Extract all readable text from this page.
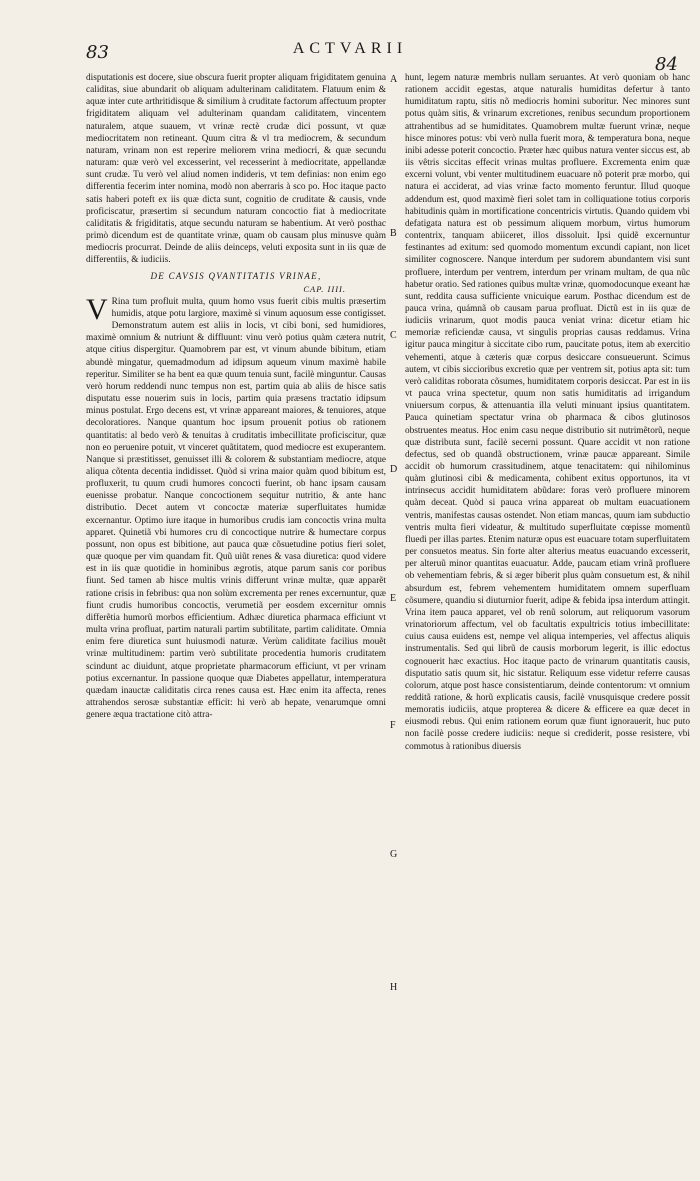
83	ACTVARII
84

disputationis est docere, siue obscura fuerit propter aliquam frigiditatem genuina caliditas, siue abundarit ob aliquam adulterinam caliditatem. Flatuum enim & aquæ inter cute arthritidisque & similium à cruditate factorum affectuum propter frigiditatem aliquam vel adulterinam quandam caliditatem, vincentem naturalem, atque suauem, vt vrinæ rectè crudæ dici possunt, vt quæ mediocritatem non retineant. Quum citra & vl tra mediocrem, & secundum naturam, vrinam non est reperire meliorem vrina mediocri, & quæ secundu naturam: quæ verò vel excesserint, vel recesserint à mediocritate, appellandæ sunt crudæ. Tu verò vel aliud nomen indideris, vt tem definias: non enim ego differentia fecerim inter nomina, modò non aberraris à sco po. Hoc itaque pacto satis haberi poteft ex iis quæ dicta sunt, cognitio de cruditate & causis, vnde proficiscatur, præsertim si secundum naturam concoctio fiat à mediocritate caliditatis & frigiditatis, atque secundu naturam se habentium. At verò posthac primò dicendum est de quantitate vrinæ, quam ob causam plus minusve quàm mediocris procurrat. Deinde de aliis deinceps, veluti exposita sunt in iis quæ de differentiis, & iudiciis.

DE CAVSIS QVANTITATIS VRINAE,
CAP. IIII.

V Rina tum profluit multa, quum homo vsus fuerit cibis multis præsertim humidis, atque potu largiore, maximè si vinum aquosum esse contigisset. Demonstratum autem est aliis in locis, vt cibi boni, sed humidiores, maximè omnium & nutriunt & diffluunt: vinu verò potius quàm cætera nutrit, atque citius dispergitur. Quamobrem par est, vt vinum abunde bibitum, etiam abundè mingatur, quemadmodum ad idipsum aqueum vinum maximè habile reperitur. Similiter se ha bent ea quæ quum tenuia sunt, facilè minguntur. Causas verò horum reddendi nunc tempus non est, partim quia ab aliis de hisce satis disputatu esse nouerim suis in locis, partim quia præsens tractatio idipsum minus postulat. Ergo decens est, vt vrinæ appareant maiores, & tenuiores, atque decoloratiores. Nanque quantum hoc ipsum prouenit potius ob rationem quantitatis: al bedo verò & tenuitas à cruditatis imbecillitate proficiscitur, quæ non eo peruenire potuit, vt vinceret quãtitatem, quod mediocre est exuperantem. Nanque si præstitisset, genuisset illi & colorem & substantiam mediocre, atque aliqua cõtenta decentia indidisset. Quòd si vrina maior quàm quod bibitum est, profluxerit, tu quum crudi humores concocti fuerint, ob hanc ipsam causam euenisse probatur. Nanque concoctionem sequitur nutritio, & ante hanc distributio. Decet autem vt concoctæ materiæ superfluitates humidæ excernantur. Optimo iure itaque in humoribus crudis iam concoctis vrina multa apparet. Quinetiã vbi humores cru di concoctique nutrire & humectare corpus possunt, non opus est bibitione, aut pauca quæ cõsuetudine potius fieri solet, quæ quoque per vim quandam fit. Quũ uiũt renes & vasa diuretica: quod videre est in iis quæ quotidie in hominibus ægrotis, atque parum sanis cor poribus fiunt. Sed tamen ab hisce multis vrinis differunt vrinæ multæ, quæ apparẽt ratione crisis in febribus: qua non solùm excrementa per renes excernuntur, quæ fiunt crudis humoribus concoctis, verumetiã per eosdem excernitur omnis differẽtia humorũ morbos efficientium. Adhæc diuretica pharmaca efficiunt vt multa vrina profluat, partim naturali partim subtilitate, partim caliditate. Omnia enim fere diuretica sunt huiusmodi naturæ. Verùm caliditate facilius mouẽt vrinæ multitudinem: partim verò subtilitate procedentia humoris cruditatem scindunt ac diuidunt, atque proprietate pharmacorum efficiunt, vt per vrinam potius excernantur. In passione quoque quæ Diabetes appellatur, intemperatura quædam inauctæ caliditatis circa renes causa est. Hæc enim ita affecta, renes attrahendos serosæ substantiæ efficit: hi verò ab hepate, venarumque omni genere æqua tractatione citò attra-

A
B
C
D
E
F
G
H

hunt, legem naturæ membris nullam seruantes. At verò quoniam ob hanc rationem accidit egestas, atque naturalis humiditas defertur à tanto humiditatum raptu, sitis nõ mediocris homini suboritur. Nec minores sunt potus quàm sitis, & vrinarum excretiones, renibus secundum proportionem attrahentibus ad se humiditates. Quamobrem multæ fuerunt vrinæ, neque hisce minores potus: vbi verò nulla fuerit mora, & temperatura bona, neque inibi adesse poterit concoctio. Præter hæc quibus natura venter siccus est, ab iis vêtris siccitas effecit vrinas multas profluere. Excrementa enim quæ excerni volunt, vbi venter multitudinem euacuare nõ poterit præ morbo, qui natura ei acciderat, ad vias vrinæ facto momento feruntur. Illud quoque addendum est, quod maximè fieri solet tam in colliquatione totius corporis habitudinis quàm in mortificatione concentricis virtutis. Quando quidem vbi defatigata natura est ob pessimum aliquem morbum, virtus humorum contentrix, tanquam abiiceret, illos dissoluit. Ipsi quidẽ excernuntur festinantes ad exitum: sed quomodo momentum excundi capiant, non licet similiter cognoscere. Nanque interdum per sudorem abundantem visi sunt profluere, interdum per ventrem, interdum per vrinam multam, de qua nũc habetur oratio. Sed rationes quibus multæ vrinæ, quomodocunque exeant hæ sunt, reddita causa sufficiente vnicuique earum. Posthac dicendum est de pauca vrina, quámnã ob causam parua profluat. Dictũ est in iis quæ de iudiciis vrinarum, quot modis pauca veniat vrina: dicetur etiam hic memoriæ reficiendæ causa, vt singulis proprias causas reddamus. Vrina igitur pauca mingitur à siccitate cibo rum, paucitate potus, item ab exercitio vehementi, atque à cæteris quæ corpus desiccare consueuerunt. Scimus autem, vt cibis siccioribus excretio quæ per ventrem sit, potius apta sit: tum verò caliditas roborata cõsumes, humiditatem corporis desiccat. Par est in iis vt pauca vrina spectetur, quum non satis humiditatis ad irrigandum vniuersum corpus, & attenuantia illa veluti minuant ipsius quantitatem. Pauca quinetiam spectatur vrina ob pharmaca & cibos glutinosos obstruentes meatus. Hoc enim casu neque distributio sit nutrimẽtorũ, neque quæ distributa sunt, facilè secerni possunt. Quare accidit vt non ratione defectus, sed ob quandã obstructionem, vrinæ paucæ appareant. Simile accidit ob humorum crassitudinem, atque tenacitatem: qui nihilominus quàm glutinosi cibi & medicamenta, cohibent exitus opportunos, ita vt intrinsecus accidit humiditatem abũdare: foras verò profluere minorem quàm deceat. Quòd si pauca vrina appareat ob multam euacuationem ventris, manifestas causas ostendet. Non etiam mancas, quum iam subductio ventris multa fieri videatur, & multitudo superfluitate cœpisse momentũ fluedi per illas partes. Etenim naturæ opus est euacuare totam superfluitatem per consuetos meatus. Sin forte alter alterius meatus euacuando excesserit, per alteruũ minor quantitas euacuatur. Adde, paucam etiam vrinã profluere ob vehementiam febris, & si æger biberit plus quàm consuetum est, & nihil absurdum est, febrem vehementem humiditatem omnem superfluam cõsumere, quandiu si diuturnior fuerit, adipe & febida ipsa interdum attingit. Vrina item pauca apparet, vel ob renũ solorum, aut reliquorum vasorum vrinatoriorum affectum, vel ob facultatis expultricis totius imbecillitate: cuius causa euidens est, nempe vel aliqua intemperies, vel affectus aliquis instrumentalis. Sed qui librũ de causis morborum legerit, is illic edoctus cognouerit hæc exactius. Hoc itaque pacto de vrinarum quantitatis causis, disputatio satis quum sit, hic sistatur. Reliquum esse videtur referre causas colorum, atque post hasce consistentiarum, deinde contentorum: vt omnium redditã ratione, & horũ explicatis causis, facilè vnusquisque credere possit memoratis iudiciis, atque propterea & dicere & efficere ea quæ decet in eiusmodi rebus. Qui enim rationem eorum quæ fiunt ignorauerit, huc puto non facilè posse credere iudiciis: neque si crediderit, posse resistere, vbi commotus à rationibus diuersis
